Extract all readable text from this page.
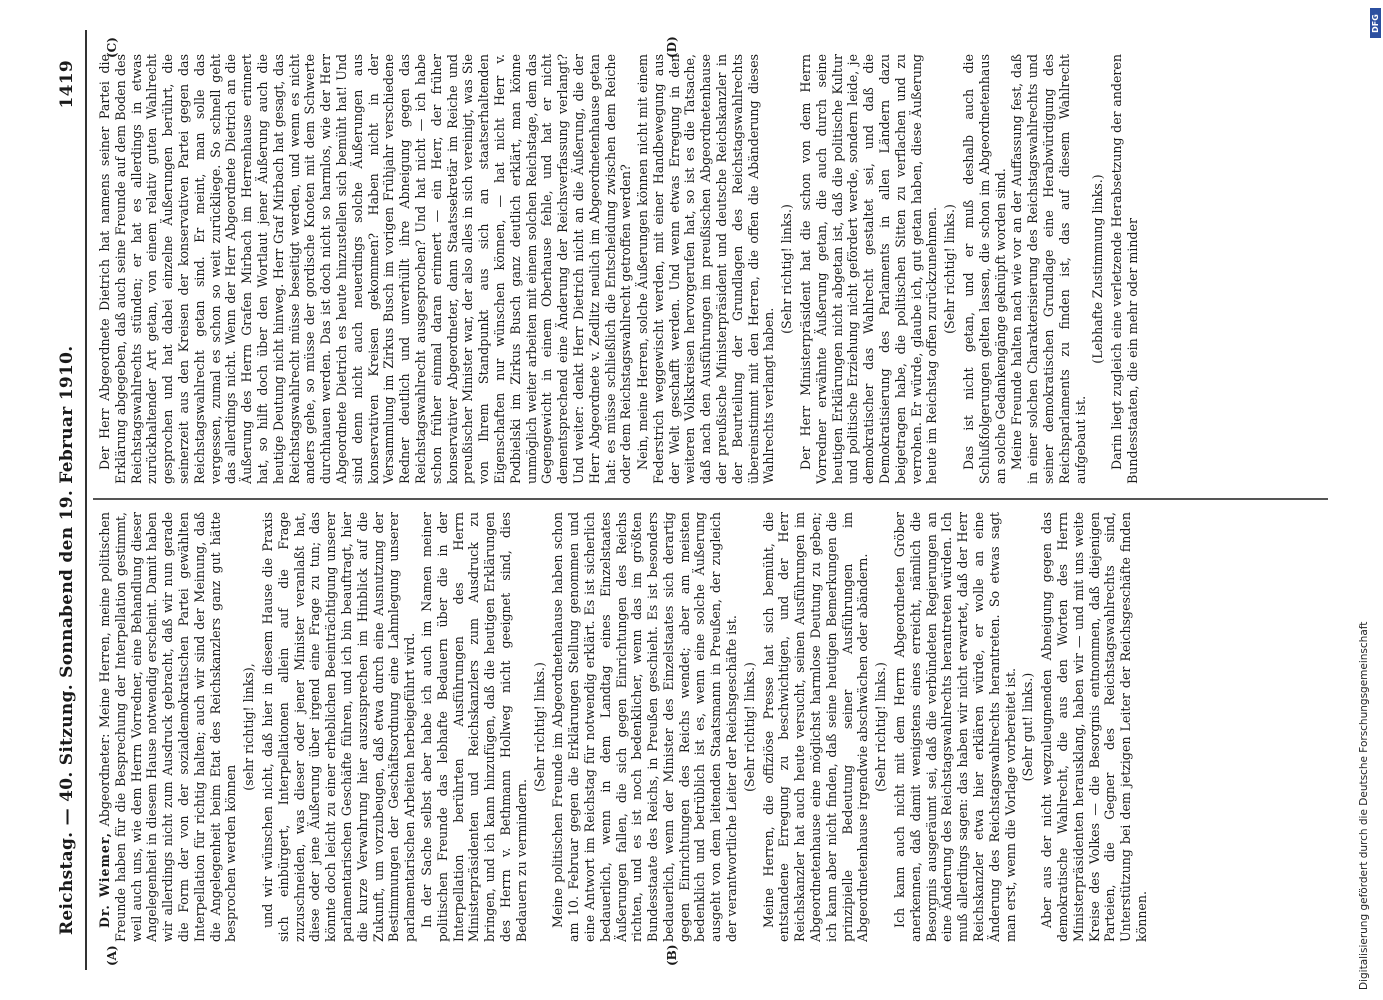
Reichstag. — 40. Sitzung. Sonnabend den 19. Februar 1910.
1419
(A)	(B)
(C)	(D)

Dr. Wiemer, Abgeordneter: Meine Herren, meine politischen Freunde haben für die Besprechung der Interpellation gestimmt, weil auch uns, wie dem Herrn Vorredner, eine Behandlung dieser Angelegenheit in diesem Hause notwendig erscheint. Damit haben wir allerdings nicht zum Ausdruck gebracht, daß wir nun gerade die Form der von der sozialdemokratischen Partei gewählten Interpellation für richtig halten; auch wir sind der Meinung, daß die Angelegenheit beim Etat des Reichskanzlers ganz gut hätte besprochen werden können

(sehr richtig! links), und wir wünschen nicht, daß hier in diesem Hause die Praxis sich einbürgert, Interpellationen allein auf die Frage zuzuschneiden, was dieser oder jener Minister veranlaßt hat, diese oder jene Äußerung über irgend eine Frage zu tun; das könnte doch leicht zu einer erheblichen Beeinträchtigung unserer parlamentarischen Geschäfte führen, und ich bin beauftragt, hier die kurze Verwahrung hier auszusprechen im Hinblick auf die Zukunft, um vorzubeugen, daß etwa durch eine Ausnutzung der Bestimmungen der Geschäftsordnung eine Lahmlegung unserer parlamentarischen Arbeiten herbeigeführt wird. In der Sache selbst aber habe ich auch im Namen meiner politischen Freunde das lebhafte Bedauern über die in der Interpellation berührten Ausführungen des Herrn Ministerpräsidenten und Reichskanzlers zum Ausdruck zu bringen, und ich kann hinzufügen, daß die heutigen Erklärungen des Herrn v. Bethmann Hollweg nicht geeignet sind, dies Bedauern zu vermindern.

(Sehr richtig! links.) Meine politischen Freunde im Abgeordnetenhause haben schon am 10. Februar gegen die Erklärungen Stellung genommen und eine Antwort im Reichstag für notwendig erklärt. Es ist sicherlich bedauerlich, wenn in dem Landtag eines Einzelstaates Äußerungen fallen, die sich gegen Einrichtungen des Reichs richten, und es ist noch bedenklicher, wenn das im größten Bundesstaate des Reichs, in Preußen geschieht. Es ist besonders bedauerlich, wenn der Minister des Einzelstaates sich derartig gegen Einrichtungen des Reichs wendet; aber am meisten bedenklich und betrüblich ist es, wenn eine solche Äußerung ausgeht von dem leitenden Staatsmann in Preußen, der zugleich der verantwortliche Leiter der Reichsgeschäfte ist. (Sehr richtig! links.) Meine Herren, die offiziöse Presse hat sich bemüht, die entstandene Erregung zu beschwichtigen, und der Herr Reichskanzler hat auch heute versucht, seinen Ausführungen im Abgeordnetenhause eine möglichst harmlose Deutung zu geben; ich kann aber nicht finden, daß seine heutigen Bemerkungen die prinzipielle Bedeutung seiner Ausführungen im Abgeordnetenhause irgendwie abschwächen oder abändern. (Sehr richtig! links.) Ich kann auch nicht mit dem Herrn Abgeordneten Gröber anerkennen, daß damit wenigstens eines erreicht, nämlich die Besorgnis ausgeräumt sei, daß die verbündeten Regierungen an eine Änderung des Reichstagswahlrechts herantreten würden. Ich muß allerdings sagen: das haben wir nicht erwartet, daß der Herr Reichskanzler etwa hier erklären würde, er wolle an eine Änderung des Reichstagswahlrechts herantreten. So etwas sagt man erst, wenn die Vorlage vorbereitet ist. (Sehr gut! links.) Aber aus der nicht wegzuleugnenden Abneigung gegen das demokratische Wahlrecht, die aus den Worten des Herrn Ministerpräsidenten herausklang, haben wir — und mit uns weite Kreise des Volkes — die Besorgnis entnommen, daß diejenigen Parteien, die Gegner des Reichstagswahlrechts sind, Unterstützung bei dem jetzigen Leiter der Reichsgeschäfte finden können.

Der Herr Abgeordnete Dietrich hat namens seiner Partei die Erklärung abgegeben, daß auch seine Freunde auf dem Boden des Reichstagswahlrechts stünden; er hat es allerdings in etwas zurückhaltender Art getan, von einem relativ guten Wahlrecht gesprochen und hat dabei einzelne Äußerungen berührt, die seinerzeit aus den Kreisen der konservativen Partei gegen das Reichstagswahlrecht getan sind. Er meint, man solle das vergessen, zumal es schon so weit zurückliege. So schnell geht das allerdings nicht. Wenn der Herr Abgeordnete Dietrich an die Äußerung des Herrn Grafen Mirbach im Herrenhause erinnert hat, so hilft doch über den Wortlaut jener Äußerung auch die heutige Deutung nicht hinweg. Herr Graf Mirbach hat gesagt, das Reichstagswahlrecht müsse beseitigt werden, und wenn es nicht anders gehe, so müsse der gordische Knoten mit dem Schwerte durchhauen werden. Das ist doch nicht so harmlos, wie der Herr Abgeordnete Dietrich es heute hinzustellen sich bemüht hat! Und sind denn nicht auch neuerdings solche Äußerungen aus konservativen Kreisen gekommen? Haben nicht in der Versammlung im Zirkus Busch im vorigen Frühjahr verschiedene Redner deutlich und unverhüllt ihre Abneigung gegen das Reichstagswahlrecht ausgesprochen? Und hat nicht — ich habe schon früher einmal daran erinnert — ein Herr, der früher konservativer Abgeordneter, dann Staatssekretär im Reiche und preußischer Minister war, der also alles in sich vereinigt, was Sie von Ihrem Standpunkt aus sich an staatserhaltenden Eigenschaften nur wünschen können, — hat nicht Herr v. Podbielski im Zirkus Busch ganz deutlich erklärt, man könne unmöglich weiter arbeiten mit einem solchen Reichstage, dem das Gegengewicht in einem Oberhause fehle, und hat er nicht dementsprechend eine Änderung der Reichsverfassung verlangt? Und weiter: denkt Herr Dietrich nicht an die Äußerung, die der Herr Abgeordnete v. Zedlitz neulich im Abgeordnetenhause getan hat: es müsse schließlich die Entscheidung zwischen dem Reiche oder dem Reichstagswahlrecht getroffen werden? Nein, meine Herren, solche Äußerungen können nicht mit einem Federstrich weggewischt werden, mit einer Handbewegung aus der Welt geschafft werden. Und wenn etwas Erregung in den weiteren Volkskreisen hervorgerufen hat, so ist es die Tatsache, daß nach den Ausführungen im preußischen Abgeordnetenhause der preußische Ministerpräsident und deutsche Reichskanzler in der Beurteilung der Grundlagen des Reichstagswahlrechts übereinstimmt mit den Herren, die offen die Abänderung dieses Wahlrechts verlangt haben.

(Sehr richtig! links.) Der Herr Ministerpräsident hat die schon von dem Herrn Vorredner erwähnte Äußerung getan, die auch durch seine heutigen Erklärungen nicht abgetan ist, daß die politische Kultur und politische Erziehung nicht gefördert werde, sondern leide, je demokratischer das Wahlrecht gestaltet sei, und daß die Demokratisierung des Parlaments in allen Ländern dazu beigetragen habe, die politischen Sitten zu verflachen und zu verrohen. Er würde, glaube ich, gut getan haben, diese Äußerung heute im Reichstag offen zurückzunehmen. (Sehr richtig! links.) Das ist nicht getan, und er muß deshalb auch die Schlußfolgerungen gelten lassen, die schon im Abgeordnetenhaus an solche Gedankengänge geknüpft worden sind. Meine Freunde halten nach wie vor an der Auffassung fest, daß in einer solchen Charakterisierung des Reichstagswahlrechts und seiner demokratischen Grundlage eine Herabwürdigung des Reichsparlaments zu finden ist, das auf diesem Wahlrecht aufgebaut ist.

(Lebhafte Zustimmung links.) Darin liegt zugleich eine verletzende Herabsetzung der anderen Bundesstaaten, die ein mehr oder minder

DFG
Digitalisierung gefördert durch die Deutsche Forschungsgemeinschaft
